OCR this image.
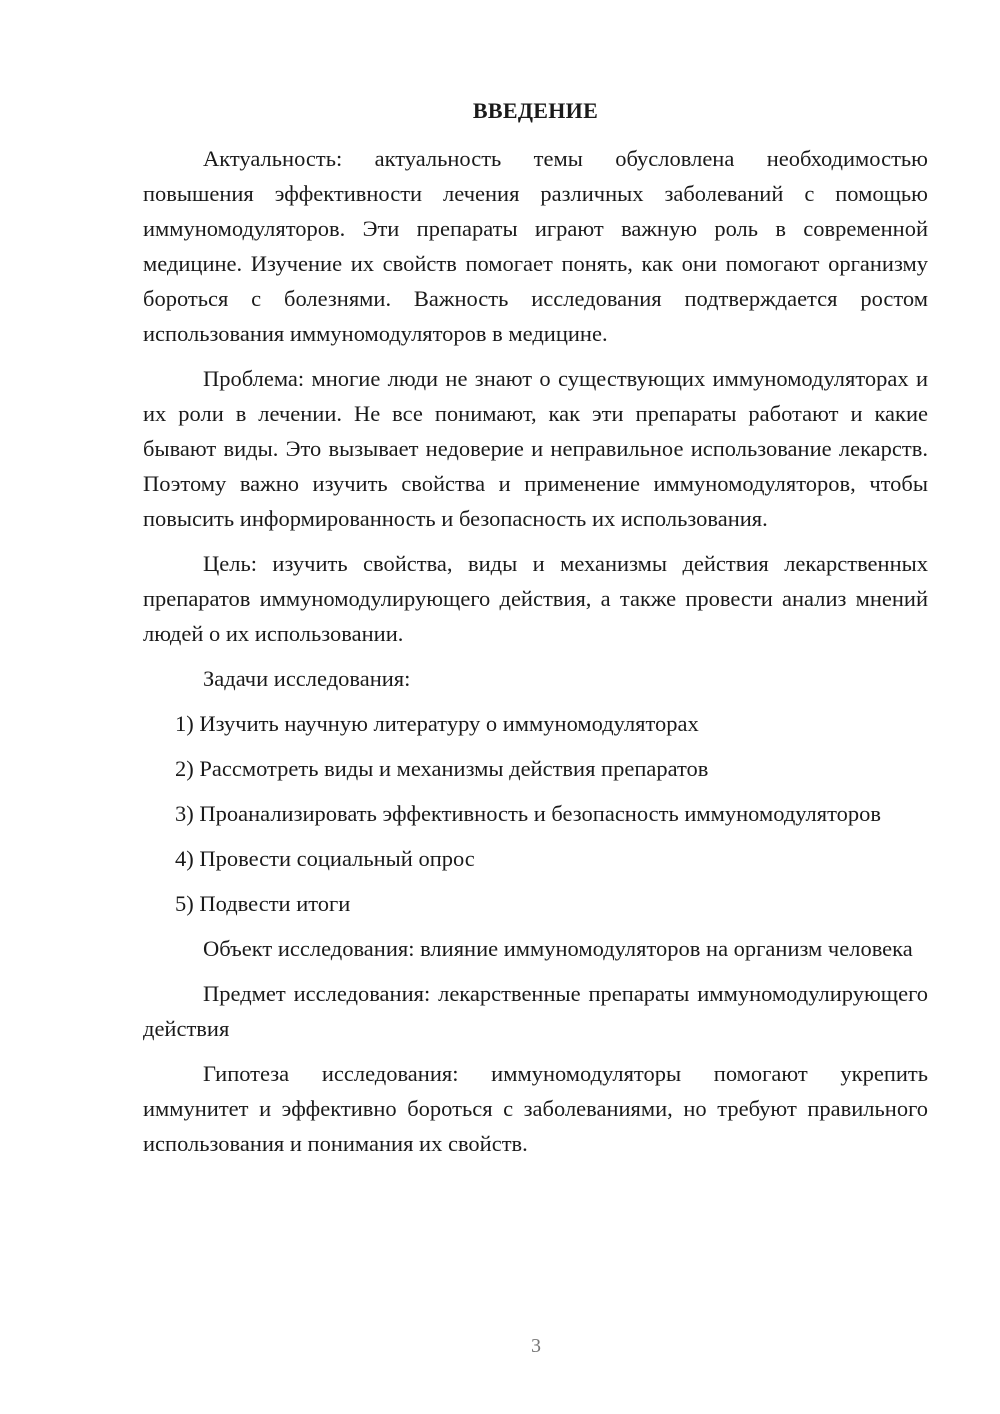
ВВЕДЕНИЕ

Актуальность: актуальность темы обусловлена необходимостью повышения эффективности лечения различных заболеваний с помощью иммуномодуляторов. Эти препараты играют важную роль в современной медицине. Изучение их свойств помогает понять, как они помогают организму бороться с болезнями. Важность исследования подтверждается ростом использования иммуномодуляторов в медицине.

Проблема: многие люди не знают о существующих иммуномодуляторах и их роли в лечении. Не все понимают, как эти препараты работают и какие бывают виды. Это вызывает недоверие и неправильное использование лекарств. Поэтому важно изучить свойства и применение иммуномодуляторов, чтобы повысить информированность и безопасность их использования.

Цель: изучить свойства, виды и механизмы действия лекарственных препаратов иммуномодулирующего действия, а также провести анализ мнений людей о их использовании.

Задачи исследования:

1) Изучить научную литературу о иммуномодуляторах

2) Рассмотреть виды и механизмы действия препаратов

3) Проанализировать эффективность и безопасность иммуномодуляторов

4) Провести социальный опрос

5) Подвести итоги

Объект исследования: влияние иммуномодуляторов на организм человека

Предмет исследования: лекарственные препараты иммуномодулирующего действия

Гипотеза исследования: иммуномодуляторы помогают укрепить иммунитет и эффективно бороться с заболеваниями, но требуют правильного использования и понимания их свойств.

3
